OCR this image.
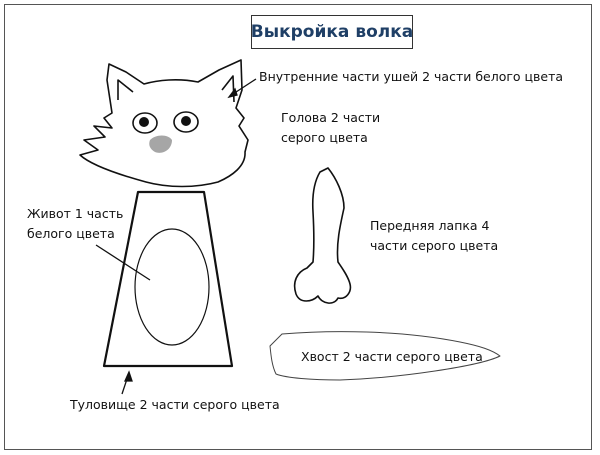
Выкройка волка
Внутренние части ушей 2 части белого цвета
Голова 2 части
серого цвета
Живот 1 часть
белого цвета
Передняя лапка 4
части серого цвета
Хвост 2 части серого цвета
Туловище 2 части серого цвета
